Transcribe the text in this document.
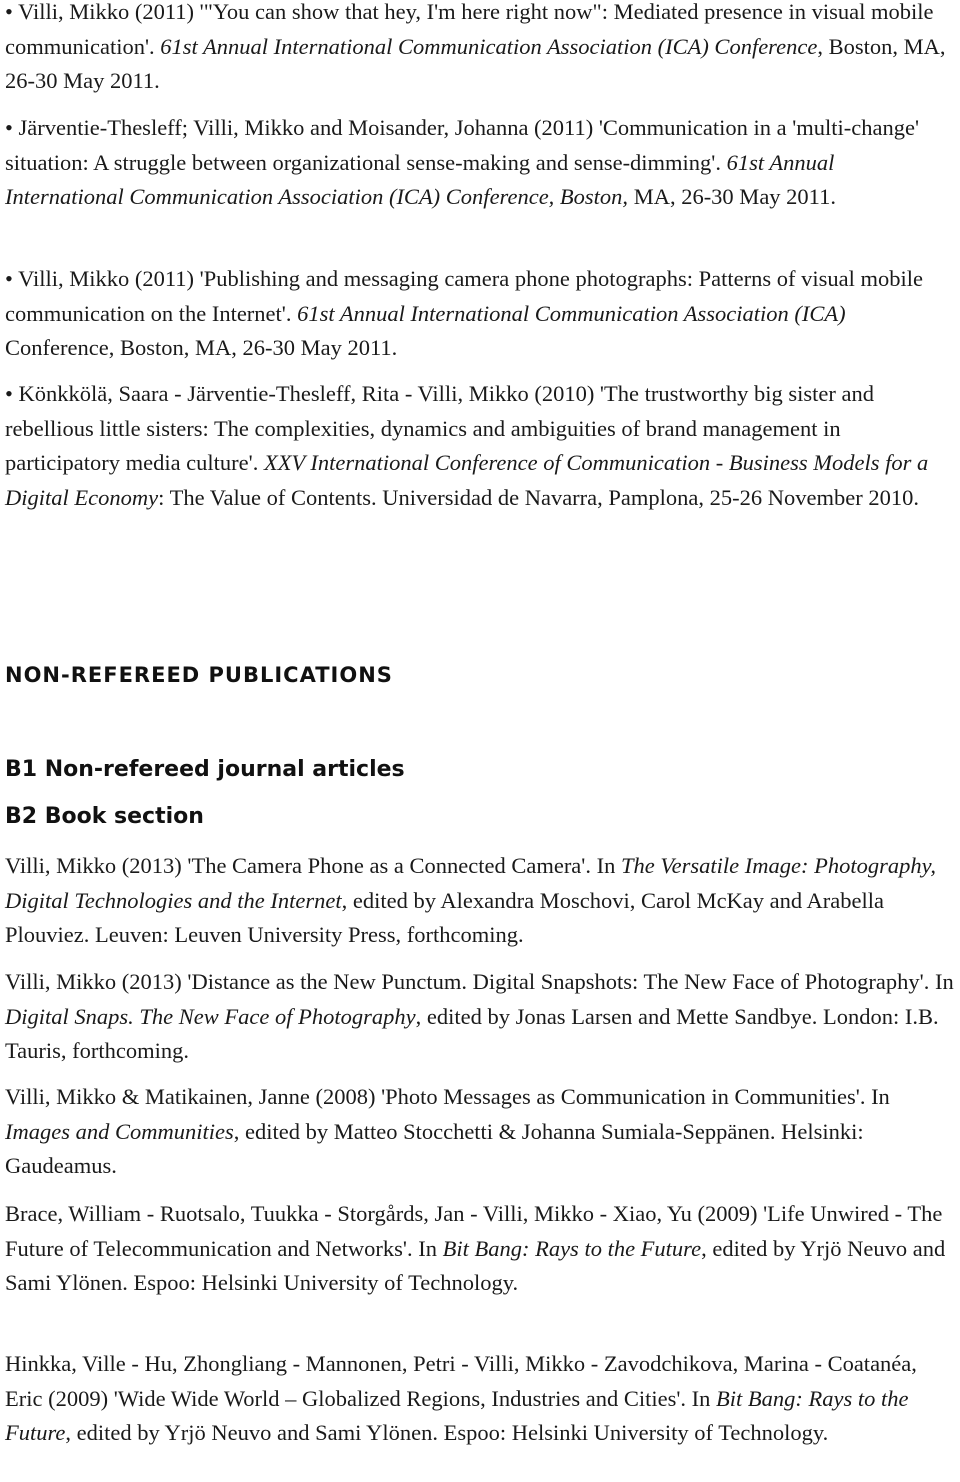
• Villi, Mikko (2011) '"You can show that hey, I'm here right now": Mediated presence in visual mobile communication'. 61st Annual International Communication Association (ICA) Conference, Boston, MA, 26-30 May 2011.

• Järventie-Thesleff; Villi, Mikko and Moisander, Johanna (2011) 'Communication in a 'multi-change' situation: A struggle between organizational sense-making and sense-dimming'. 61st Annual International Communication Association (ICA) Conference, Boston, MA, 26-30 May 2011.

• Villi, Mikko (2011) 'Publishing and messaging camera phone photographs: Patterns of visual mobile communication on the Internet'. 61st Annual International Communication Association (ICA) Conference, Boston, MA, 26-30 May 2011.

• Könkkölä, Saara - Järventie-Thesleff, Rita - Villi, Mikko (2010) 'The trustworthy big sister and rebellious little sisters: The complexities, dynamics and ambiguities of brand management in participatory media culture'. XXV International Conference of Communication - Business Models for a Digital Economy: The Value of Contents. Universidad de Navarra, Pamplona, 25-26 November 2010.

NON-REFEREED PUBLICATIONS
B1 Non-refereed journal articles
B2 Book section

Villi, Mikko (2013) 'The Camera Phone as a Connected Camera'. In The Versatile Image: Photography, Digital Technologies and the Internet, edited by Alexandra Moschovi, Carol McKay and Arabella Plouviez. Leuven: Leuven University Press, forthcoming.

Villi, Mikko (2013) 'Distance as the New Punctum. Digital Snapshots: The New Face of Photography'. In Digital Snaps. The New Face of Photography, edited by Jonas Larsen and Mette Sandbye. London: I.B. Tauris, forthcoming.

Villi, Mikko & Matikainen, Janne (2008) 'Photo Messages as Communication in Communities'. In Images and Communities, edited by Matteo Stocchetti & Johanna Sumiala-Seppänen. Helsinki: Gaudeamus.

Brace, William - Ruotsalo, Tuukka - Storgårds, Jan - Villi, Mikko - Xiao, Yu (2009) 'Life Unwired - The Future of Telecommunication and Networks'. In Bit Bang: Rays to the Future, edited by Yrjö Neuvo and Sami Ylönen. Espoo: Helsinki University of Technology.

Hinkka, Ville - Hu, Zhongliang - Mannonen, Petri - Villi, Mikko - Zavodchikova, Marina - Coatanéa, Eric (2009) 'Wide Wide World – Globalized Regions, Industries and Cities'. In Bit Bang: Rays to the Future, edited by Yrjö Neuvo and Sami Ylönen. Espoo: Helsinki University of Technology.
